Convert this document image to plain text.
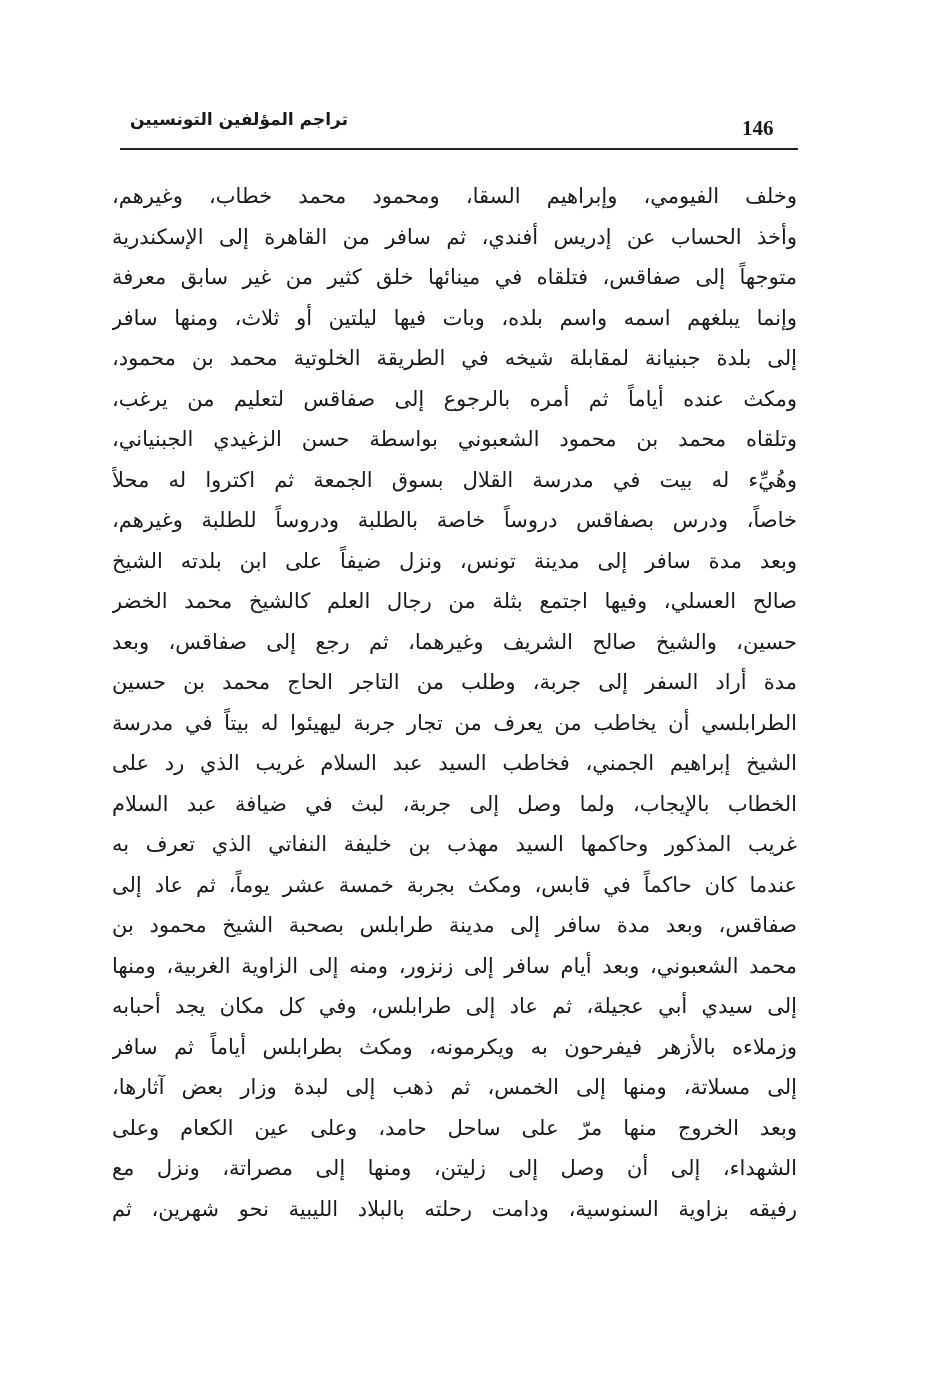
146
تراجم المؤلفين التونسيين
وخلف الفيومي، وإبراهيم السقا، ومحمود محمد خطاب، وغيرهم،
وأخذ الحساب عن إدريس أفندي، ثم سافر من القاهرة إلى الإسكندرية
متوجهاً إلى صفاقس، فتلقاه في مينائها خلق كثير من غير سابق معرفة
وإنما يبلغهم اسمه واسم بلده، وبات فيها ليلتين أو ثلاث، ومنها سافر
إلى بلدة جبنيانة لمقابلة شيخه في الطريقة الخلوتية محمد بن محمود،
ومكث عنده أياماً ثم أمره بالرجوع إلى صفاقس لتعليم من يرغب،
وتلقاه محمد بن محمود الشعبوني بواسطة حسن الزغيدي الجبنياني،
وهُيِّء له بيت في مدرسة القلال بسوق الجمعة ثم اكتروا له محلاً
خاصاً، ودرس بصفاقس دروساً خاصة بالطلبة ودروساً للطلبة وغيرهم،
وبعد مدة سافر إلى مدينة تونس، ونزل ضيفاً على ابن بلدته الشيخ
صالح العسلي، وفيها اجتمع بثلة من رجال العلم كالشيخ محمد الخضر
حسين، والشيخ صالح الشريف وغيرهما، ثم رجع إلى صفاقس، وبعد
مدة أراد السفر إلى جربة، وطلب من التاجر الحاج محمد بن حسين
الطرابلسي أن يخاطب من يعرف من تجار جربة ليهيئوا له بيتاً في مدرسة
الشيخ إبراهيم الجمني، فخاطب السيد عبد السلام غريب الذي رد على
الخطاب بالإيجاب، ولما وصل إلى جربة، لبث في ضيافة عبد السلام
غريب المذكور وحاكمها السيد مهذب بن خليفة النفاتي الذي تعرف به
عندما كان حاكماً في قابس، ومكث بجربة خمسة عشر يوماً، ثم عاد إلى
صفاقس، وبعد مدة سافر إلى مدينة طرابلس بصحبة الشيخ محمود بن
محمد الشعبوني، وبعد أيام سافر إلى زنزور، ومنه إلى الزاوية الغربية، ومنها
إلى سيدي أبي عجيلة، ثم عاد إلى طرابلس، وفي كل مكان يجد أحبابه
وزملاءه بالأزهر فيفرحون به ويكرمونه، ومكث بطرابلس أياماً ثم سافر
إلى مسلاتة، ومنها إلى الخمس، ثم ذهب إلى لبدة وزار بعض آثارها،
وبعد الخروج منها مرّ على ساحل حامد، وعلى عين الكعام وعلى
الشهداء، إلى أن وصل إلى زليتن، ومنها إلى مصراتة، ونزل مع
رفيقه بزاوية السنوسية، ودامت رحلته بالبلاد الليبية نحو شهرين، ثم
